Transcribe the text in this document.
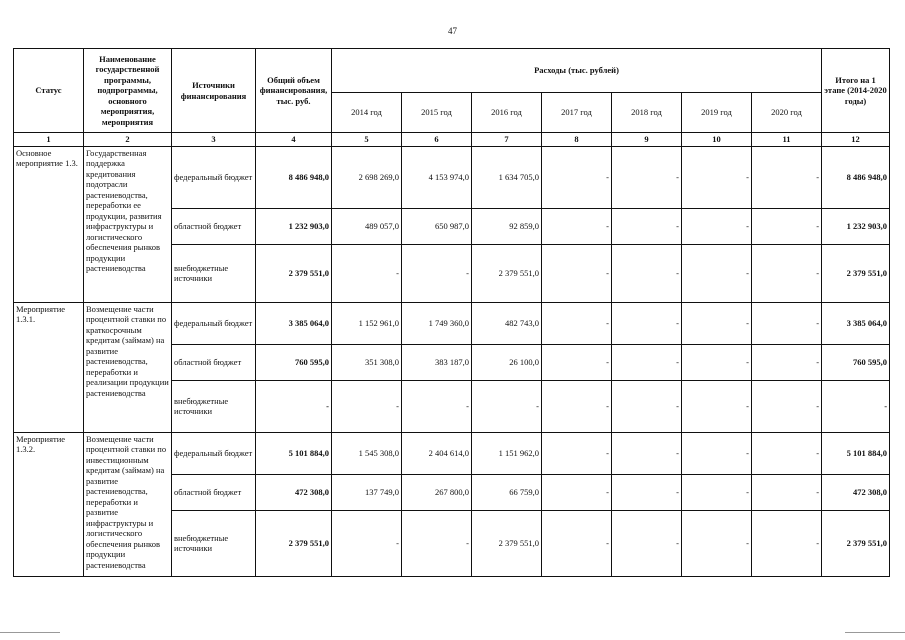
47
Статус	Наименование государственной программы, подпрограммы, основного мероприятия, мероприятия	Источники финансирования	Общий объем финансирования, тыс. руб.	Расходы (тыс. рублей)							Итого на 1 этапе (2014-2020 годы)
				2014 год	2015 год	2016 год	2017 год	2018 год	2019 год	2020 год	
1	2	3	4	5	6	7	8	9	10	11	12
Основное мероприятие 1.3.	Государственная поддержка кредитования подотрасли растениеводства, переработки ее продукции, развития инфраструктуры и логистического обеспечения рынков продукции растениеводства	федеральный бюджет	8 486 948,0	2 698 269,0	4 153 974,0	1 634 705,0	-	-	-	-	8 486 948,0
		областной бюджет	1 232 903,0	489 057,0	650 987,0	92 859,0	-	-	-	-	1 232 903,0
		внебюджетные источники	2 379 551,0	-	-	2 379 551,0	-	-	-	-	2 379 551,0
Мероприятие 1.3.1.	Возмещение части процентной ставки по краткосрочным кредитам (займам) на развитие растениеводства, переработки и реализации продукции растениеводства	федеральный бюджет	3 385 064,0	1 152 961,0	1 749 360,0	482 743,0	-	-	-	-	3 385 064,0
		областной бюджет	760 595,0	351 308,0	383 187,0	26 100,0	-	-	-	-	760 595,0
		внебюджетные источники	-	-	-	-	-	-	-	-	-
Мероприятие 1.3.2.	Возмещение части процентной ставки по инвестиционным кредитам (займам) на развитие растениеводства, переработки и развитие инфраструктуры и логистического обеспечения рынков продукции растениеводства	федеральный бюджет	5 101 884,0	1 545 308,0	2 404 614,0	1 151 962,0	-	-	-	-	5 101 884,0
		областной бюджет	472 308,0	137 749,0	267 800,0	66 759,0	-	-	-	-	472 308,0
		внебюджетные источники	2 379 551,0	-	-	2 379 551,0	-	-	-	-	2 379 551,0
